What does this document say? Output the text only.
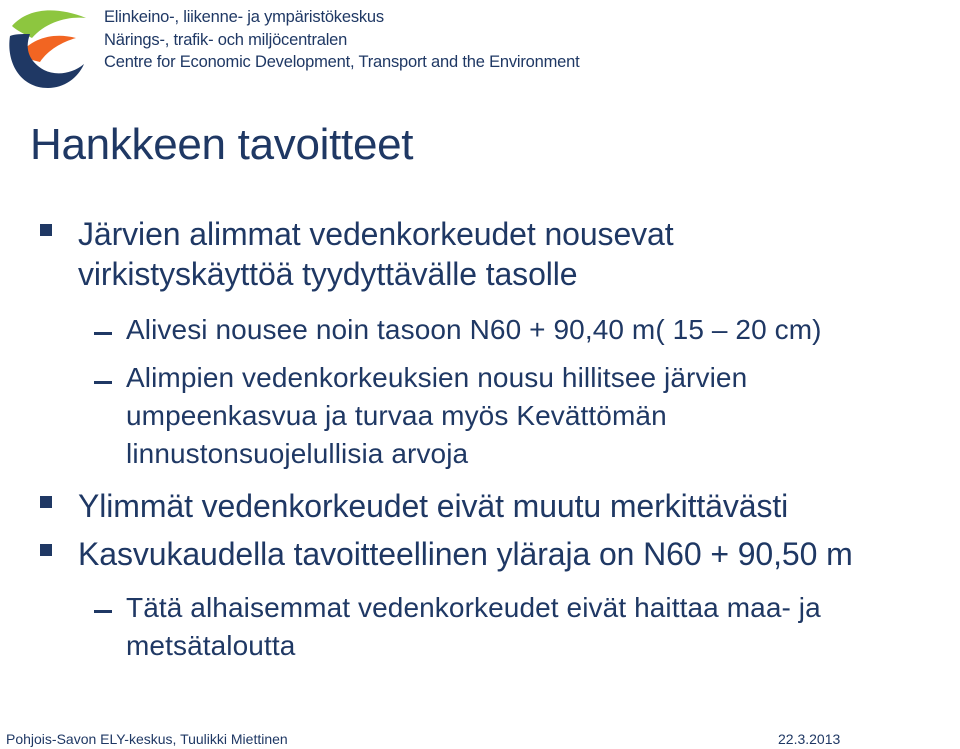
Elinkeino-, liikenne- ja ympäristökeskus
Närings-, trafik- och miljöcentralen
Centre for Economic Development, Transport and the Environment
Hankkeen tavoitteet
Järvien alimmat vedenkorkeudet nousevat virkistyskäyttöä tyydyttävälle tasolle
Alivesi nousee noin tasoon N60 + 90,40 m( 15 – 20 cm)
Alimpien vedenkorkeuksien nousu hillitsee järvien umpeenkasvua ja turvaa myös Kevättömän linnustonsuojelullisia arvoja
Ylimmät vedenkorkeudet eivät muutu merkittävästi
Kasvukaudella tavoitteellinen yläraja on N60 + 90,50 m
Tätä alhaisemmat vedenkorkeudet eivät haittaa maa- ja metsätaloutta
Pohjois-Savon ELY-keskus, Tuulikki Miettinen	22.3.2013
